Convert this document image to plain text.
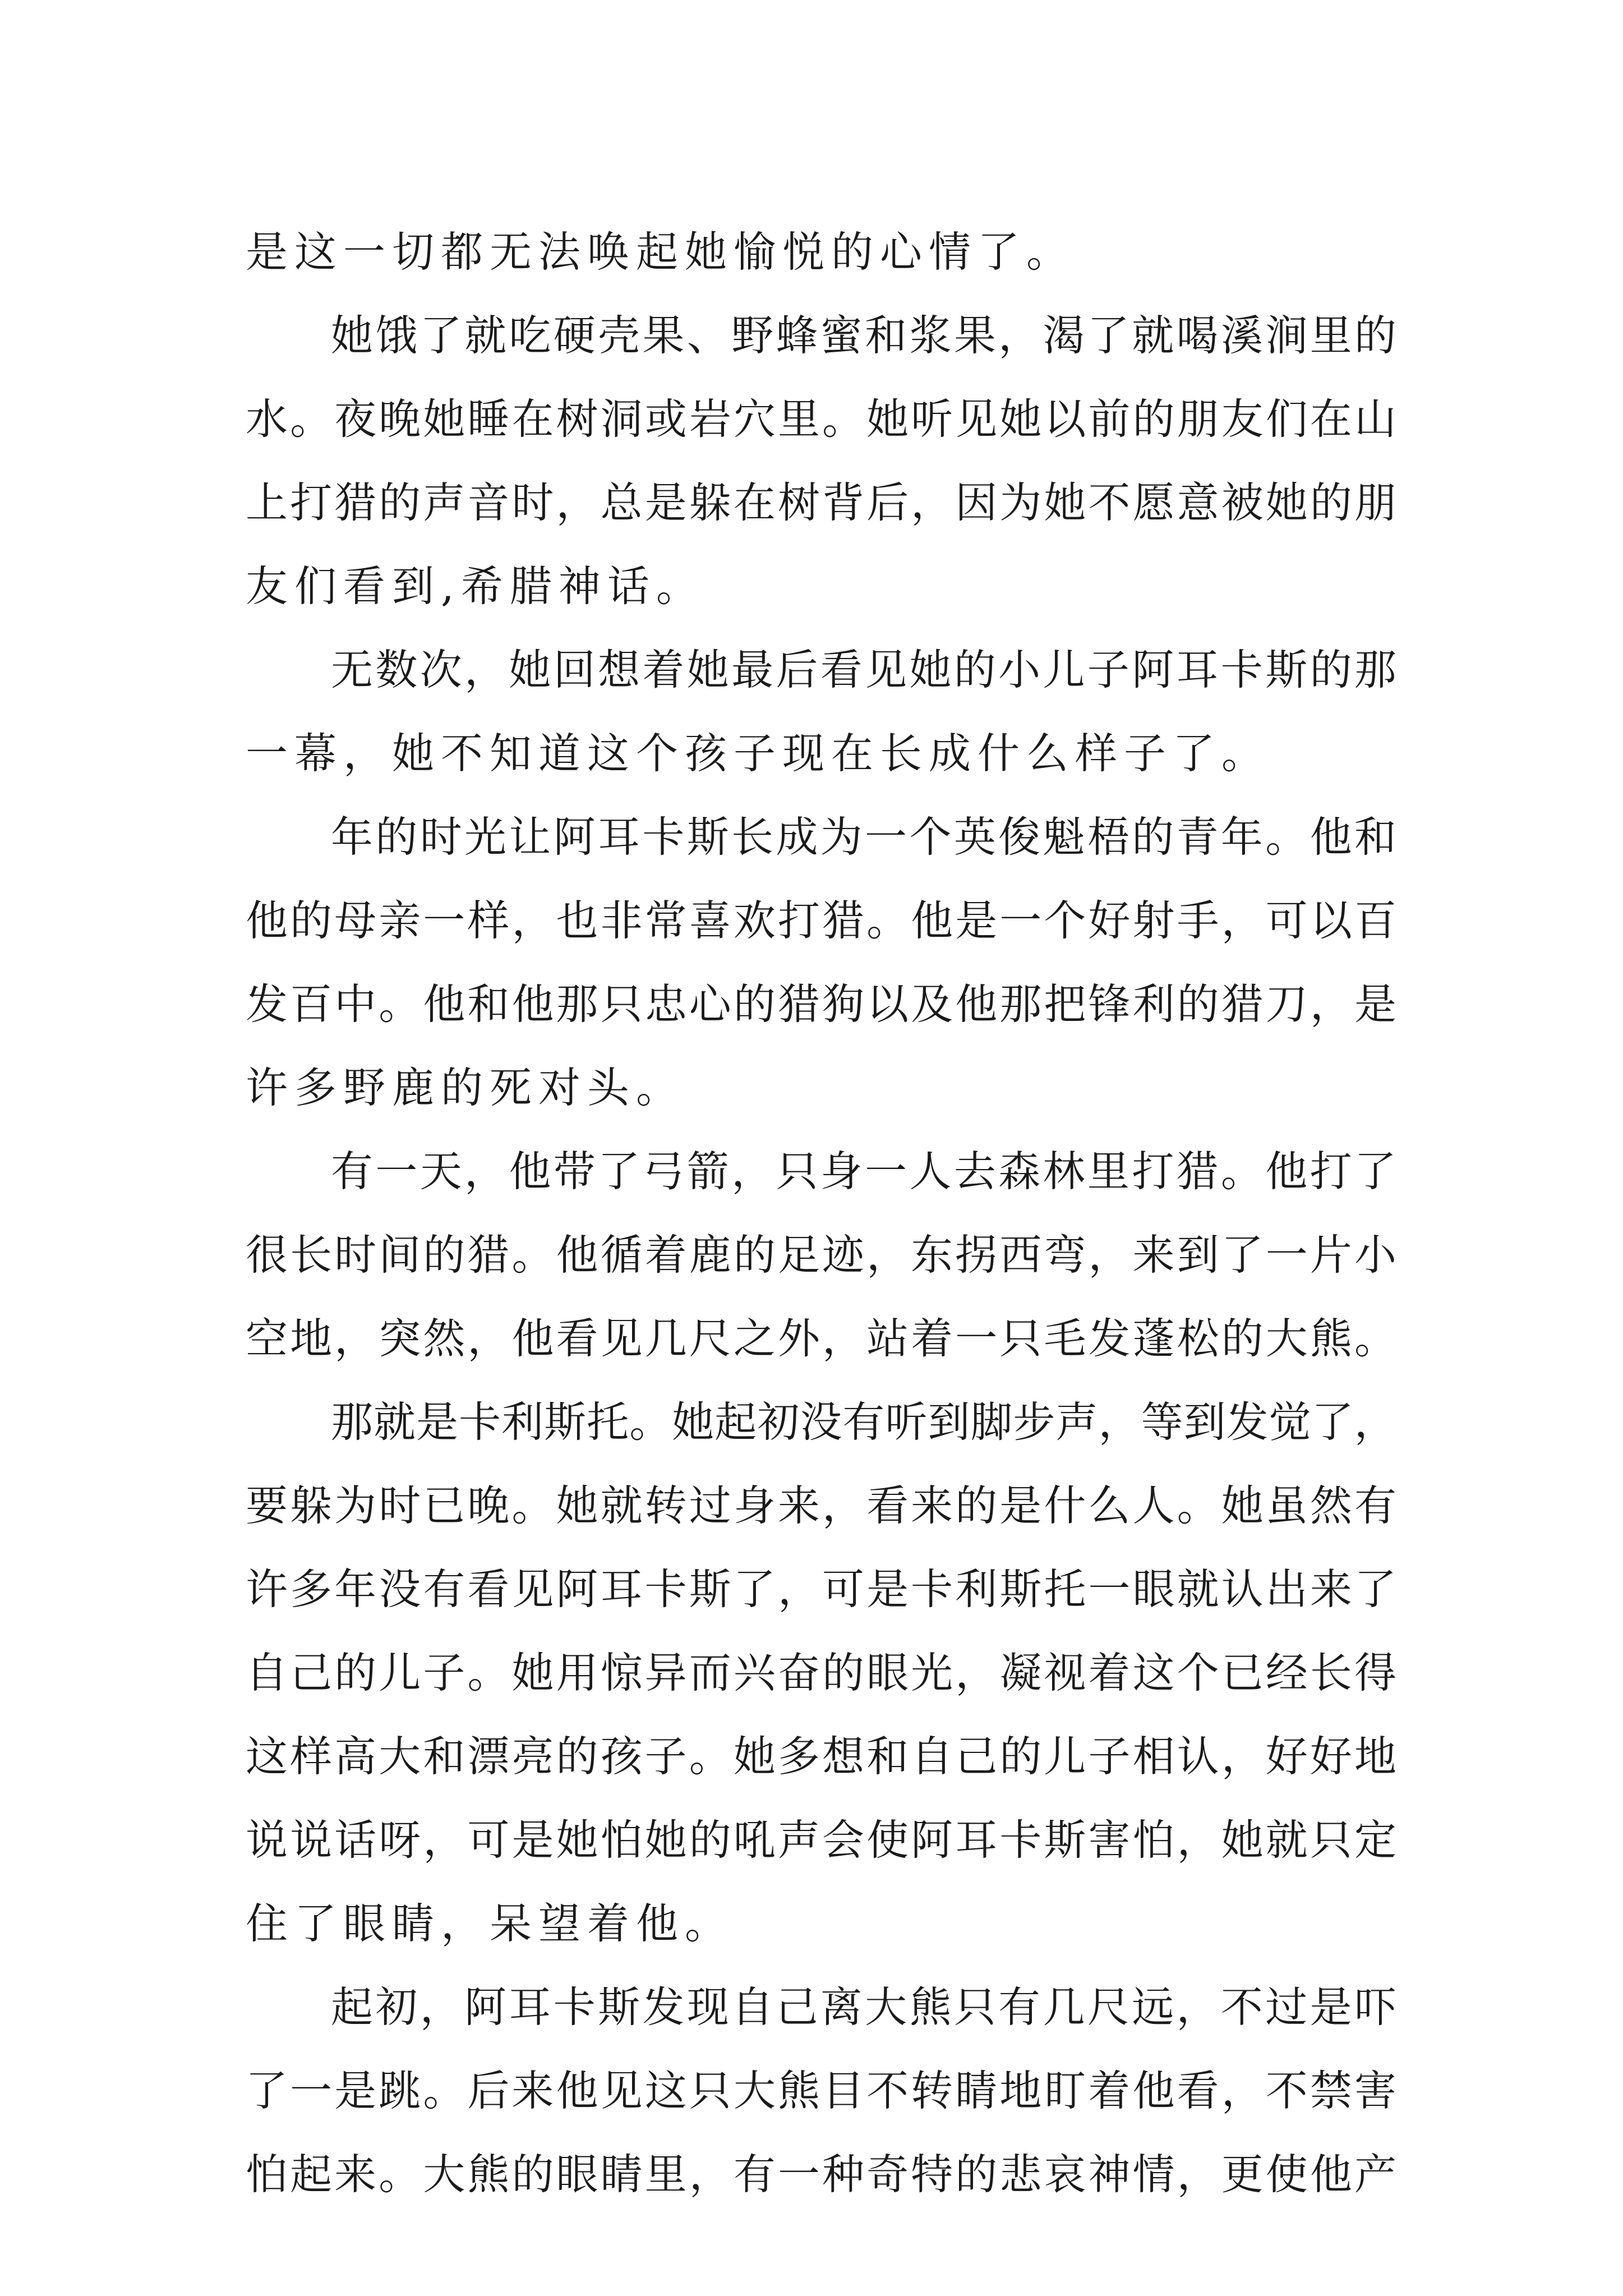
是这一切都无法唤起她愉悦的心情了。
她 饿 了 就 吃 硬 壳 果 、 野 蜂 蜜 和 浆 果 ， 渴 了 就 喝 溪 涧 里 的
水 。 夜 晚 她 睡 在 树 洞 或 岩 穴 里 。 她 听 见 她 以 前 的 朋 友 们 在 山
上 打 猎 的 声 音 时 ， 总 是 躲 在 树 背 后 ， 因 为 她 不 愿 意 被 她 的 朋
友们看到,希腊神话。
无 数 次 ， 她 回 想 着 她 最 后 看 见 她 的 小 儿 子 阿 耳 卡 斯 的 那
一幕，她不知道这个孩子现在长成什么样子了。
年 的 时 光 让 阿 耳 卡 斯 长 成 为 一 个 英 俊 魁 梧 的 青 年 。 他 和
他 的 母 亲 一 样 ， 也 非 常 喜 欢 打 猎 。 他 是 一 个 好 射 手 ， 可 以 百
发 百 中 。 他 和 他 那 只 忠 心 的 猎 狗 以 及 他 那 把 锋 利 的 猎 刀 ， 是
许多野鹿的死对头。
有 一 天 ， 他 带 了 弓 箭 ， 只 身 一 人 去 森 林 里 打 猎 。 他 打 了
很 长 时 间 的 猎 。 他 循 着 鹿 的 足 迹 ， 东 拐 西 弯 ， 来 到 了 一 片 小
空 地 ， 突 然 ， 他 看 见 几 尺 之 外 ， 站 着 一 只 毛 发 蓬 松 的 大 熊 。
那 就 是 卡 利 斯 托 。 她 起 初 没 有 听 到 脚 步 声 ， 等 到 发 觉 了 ，
要 躲 为 时 已 晚 。 她 就 转 过 身 来 ， 看 来 的 是 什 么 人 。 她 虽 然 有
许 多 年 没 有 看 见 阿 耳 卡 斯 了 ， 可 是 卡 利 斯 托 一 眼 就 认 出 来 了
自 己 的 儿 子 。 她 用 惊 异 而 兴 奋 的 眼 光 ， 凝 视 着 这 个 已 经 长 得
这 样 高 大 和 漂 亮 的 孩 子 。 她 多 想 和 自 己 的 儿 子 相 认 ， 好 好 地
说 说 话 呀 ， 可 是 她 怕 她 的 吼 声 会 使 阿 耳 卡 斯 害 怕 ， 她 就 只 定
住了眼睛，呆望着他。
起 初 ， 阿 耳 卡 斯 发 现 自 己 离 大 熊 只 有 几 尺 远 ， 不 过 是 吓
了 一 是 跳 。 后 来 他 见 这 只 大 熊 目 不 转 睛 地 盯 着 他 看 ， 不 禁 害
怕 起 来 。 大 熊 的 眼 睛 里 ， 有 一 种 奇 特 的 悲 哀 神 情 ， 更 使 他 产
